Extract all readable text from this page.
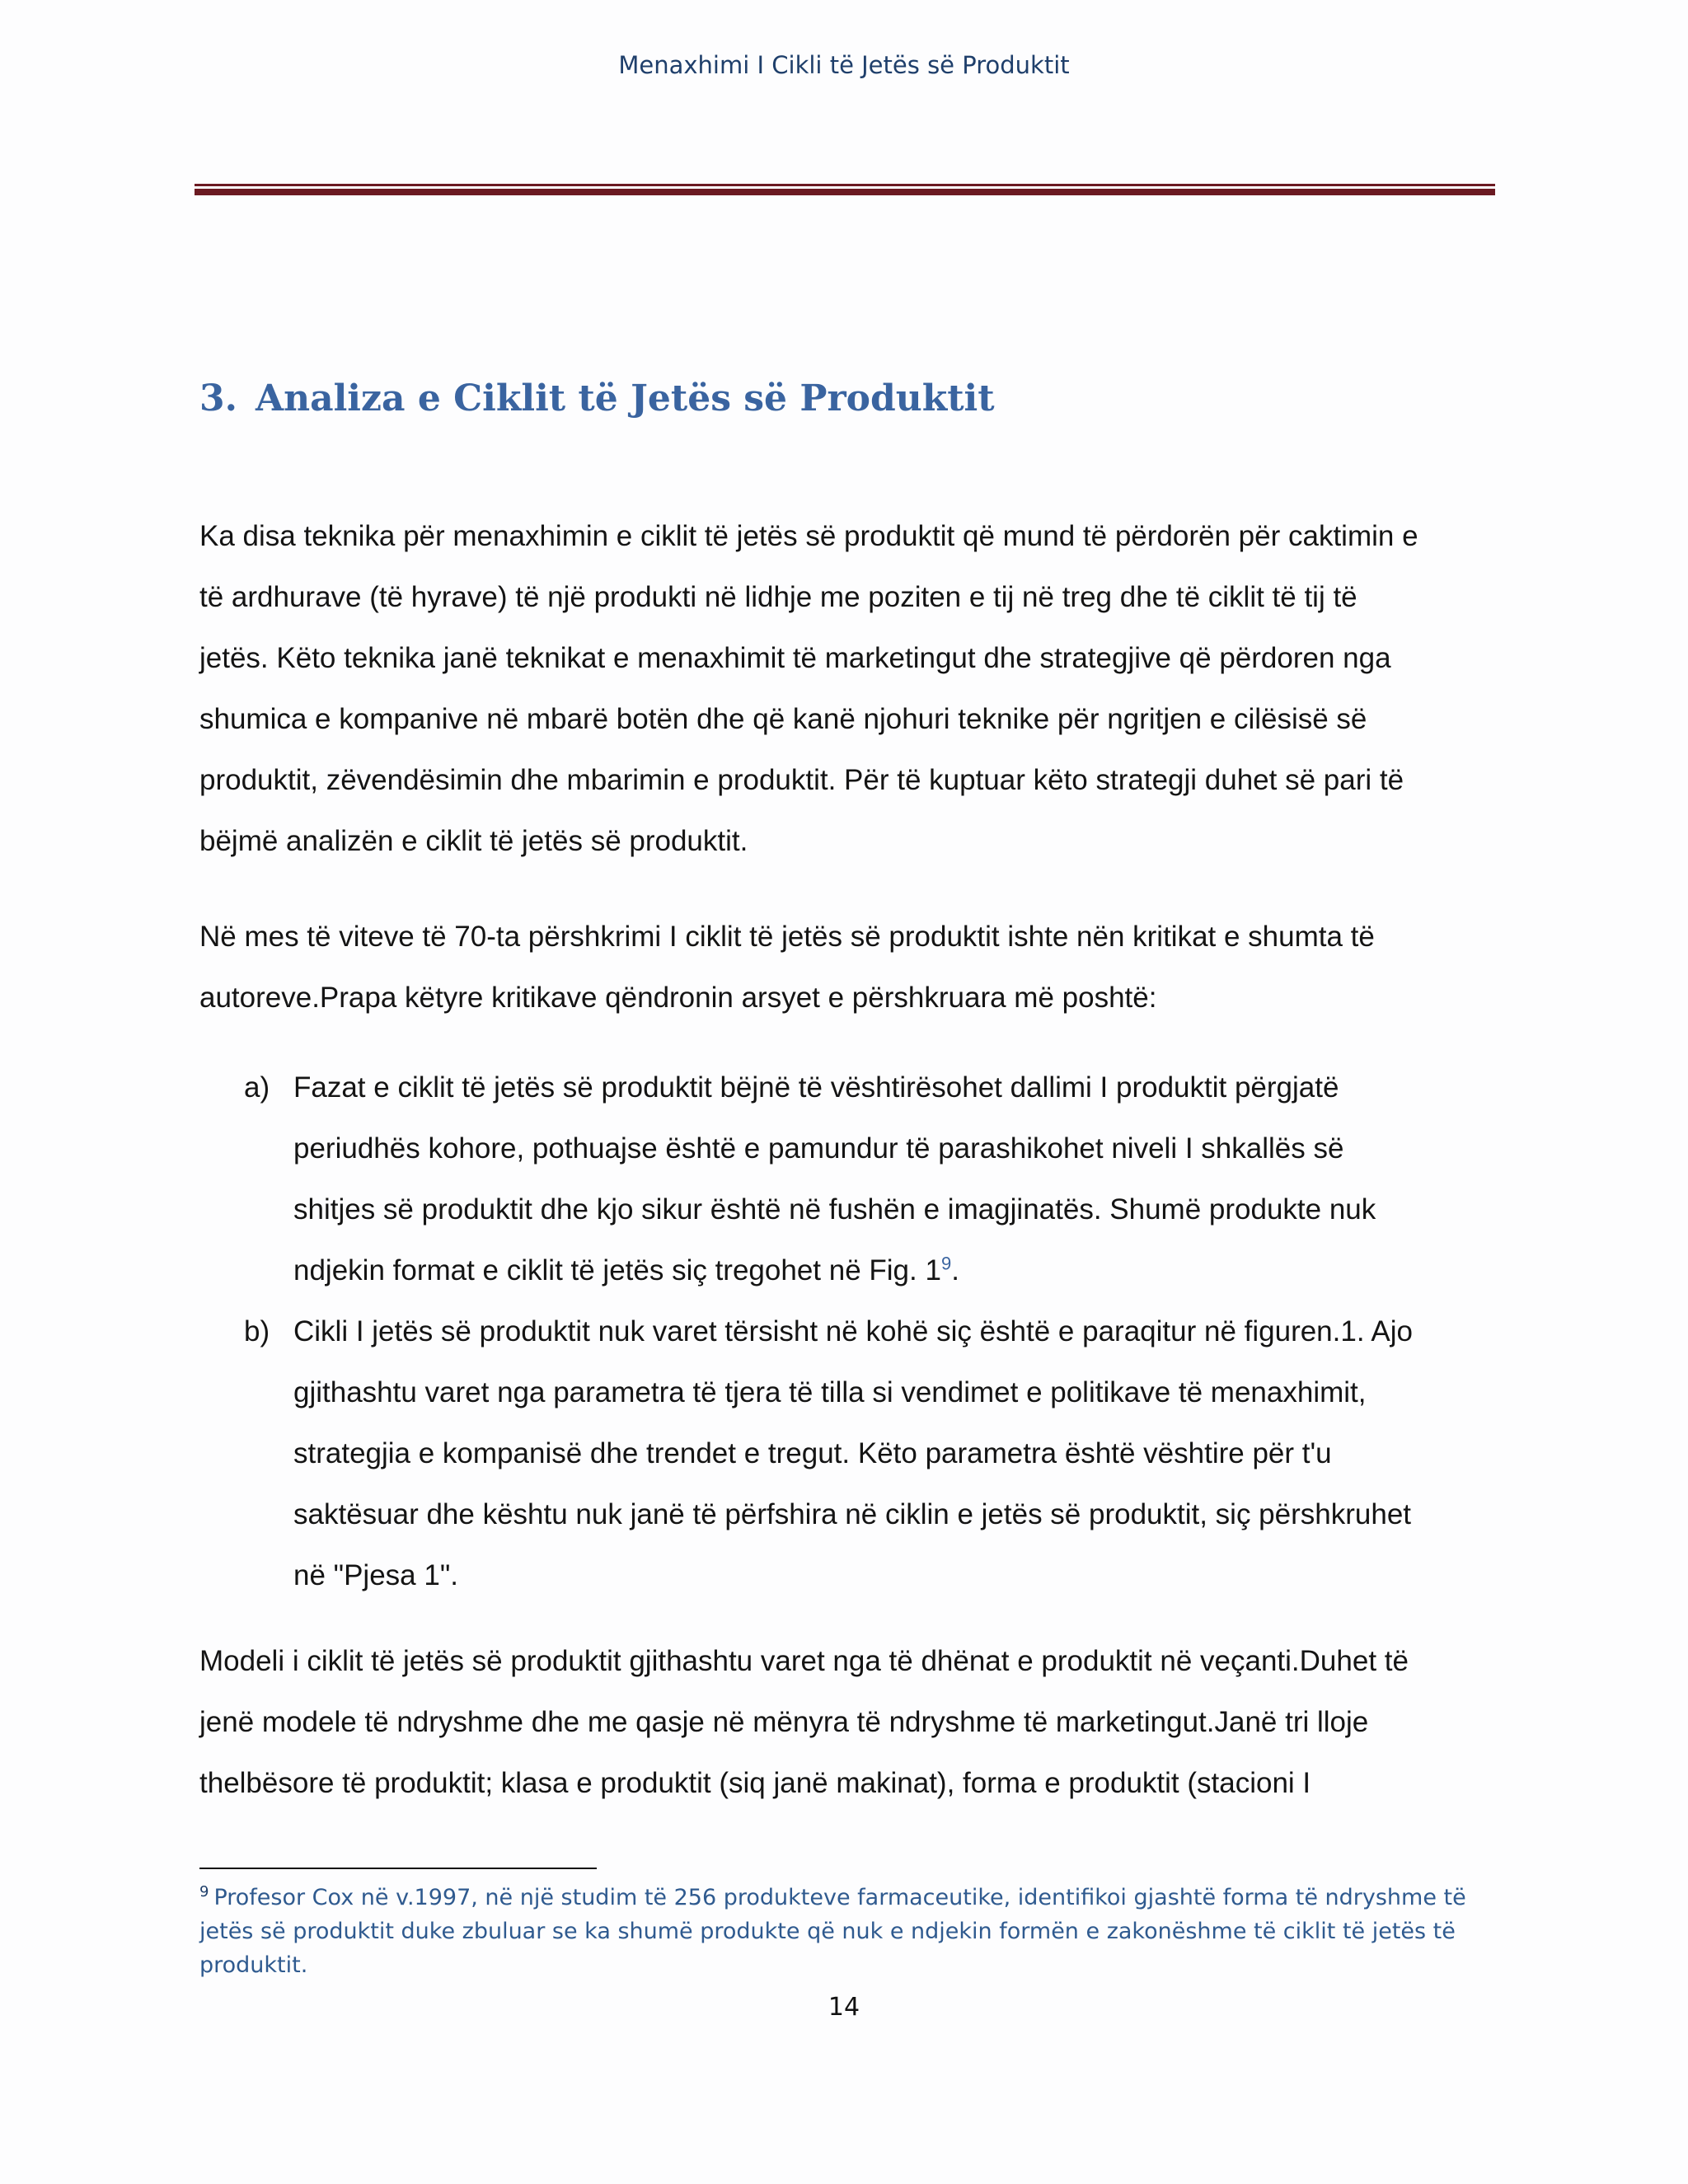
Menaxhimi I Cikli të Jetës së Produktit
3. Analiza e Ciklit të Jetës së Produktit

Ka disa teknika për menaxhimin e ciklit të jetës së produktit që mund të përdorën për caktimin e
të ardhurave (të hyrave) të një produkti në lidhje me poziten e tij në treg dhe të ciklit të tij të
jetës. Këto teknika janë teknikat e menaxhimit të marketingut dhe strategjive që përdoren nga
shumica e kompanive në mbarë botën dhe që kanë njohuri teknike për ngritjen e cilësisë së
produktit, zëvendësimin dhe mbarimin e produktit. Për të kuptuar këto strategji duhet së pari të
bëjmë analizën e ciklit të jetës së produktit.

Në mes të viteve të 70-ta përshkrimi I ciklit të jetës së produktit ishte nën kritikat e shumta të
autoreve.Prapa këtyre kritikave qëndronin arsyet e përshkruara më poshtë:

a) Fazat e ciklit të jetës së produktit bëjnë të vështirësohet dallimi I produktit përgjatë
periudhës kohore, pothuajse është e pamundur të parashikohet niveli I shkallës së
shitjes së produktit dhe kjo sikur është në fushën e imagjinatës. Shumë produkte nuk
ndjekin format e ciklit të jetës siç tregohet në Fig. 1$^9$.
b) Cikli I jetës së produktit nuk varet tërsisht në kohë siç është e paraqitur në figuren.1. Ajo
gjithashtu varet nga parametra të tjera të tilla si vendimet e politikave të menaxhimit,
strategjia e kompanisë dhe trendet e tregut. Këto parametra është vështire për t'u
saktësuar dhe kështu nuk janë të përfshira në ciklin e jetës së produktit, siç përshkruhet
në "Pjesa 1".

Modeli i ciklit të jetës së produktit gjithashtu varet nga të dhënat e produktit në veçanti.Duhet të
jenë modele të ndryshme dhe me qasje në mënyra të ndryshme të marketingut.Janë tri lloje
thelbësore të produktit; klasa e produktit (siq janë makinat), forma e produktit (stacioni I

$^9$ Profesor Cox në v.1997, në një studim të 256 produkteve farmaceutike, identifikoi gjashtë forma të ndryshme të
jetës së produktit duke zbuluar se ka shumë produkte që nuk e ndjekin formën e zakonëshme të ciklit të jetës të
produktit.

14
